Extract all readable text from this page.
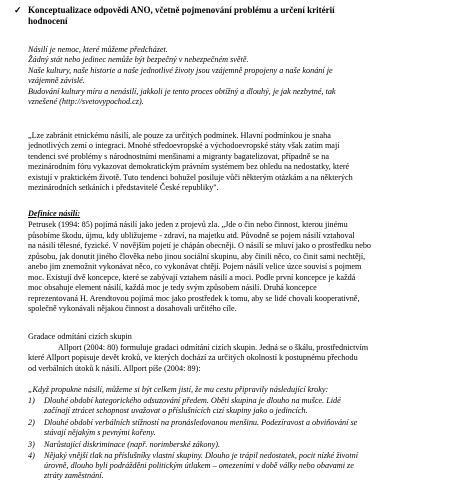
✓ Konceptualizace odpovědi ANO, včetně pojmenování problému a určení kritérií
hodnocení
Násilí je nemoc, které můžeme předcházet.
Žádný stát nebo jedinec nemůže být bezpečný v nebezpečném světě.
Naše kultury, naše historie a naše jednotlivé životy jsou vzájemně propojeny a naše konání je
vzájemně závislé.
Budování kultury míru a nenásilí, jakkoli je tento proces obtížný a dlouhý, je jak nezbytné, tak
vznešené (http://svetovypochod.cz).
„Lze zabránit etnickému násilí, ale pouze za určitých podmínek. Hlavní podmínkou je snaha
jednotlivých zemí o integraci. Mnohé středoevropské a východoevropské státy však zatím mají
tendenci své problémy s národnostními menšinami a migranty bagatelizovat, případně se na
mezinárodním fóru vykazovat demokratickým právním systémem bez ohledu na nedostatky, které
existují v praktickém životě. Tuto tendenci bohužel posiluje vůči některým otázkám a na některých
mezinárodních setkáních i představitelé České republiky".
Definice násilí:
Petrusek (1994: 85) pojímá násilí jako jeden z projevů zla. „Jde o čin nebo činnost, kterou jinému
působíme škodu, újmu, kdy ubližujeme - zdraví, na majetku atd. Původně se pojem násilí vztahoval
na násilí tělesné, fyzické. V novějším pojetí je chápán obecněji. O násilí se mluví jako o prostředku nebo
způsobu, jak donutit jiného člověka nebo jinou sociální skupinu, aby činili něco, co činit sami nechtějí,
anebo jim znemožnit vykonávat něco, co vykonávat chtějí. Pojem násilí velice úzce souvisí s pojmem
moc. Existují dvě koncepce, které se zabývají vztahem násilí a moci. Podle první koncepce je každá
moc obsahuje element násilí, každá moc je tedy svým způsobem násilí. Druhá koncepce
reprezentovaná H. Arendtovou pojímá moc jako prostředek k tomu, aby se lidé chovali kooperativně,
společně vykonávali nějakou činnost a dosahovali určitého cíle.
Gradace odmítání cizích skupin
Allport (2004: 80) formuluje gradaci odmítání cizích skupin. Jedná se o škálu, prostřednictvím
které Allport popisuje devět kroků, ve kterých dochází za určitých okolností k postupnému přechodu
od verbálních útoků k násilí. Allport píše (2004: 89):
„Když propukne násilí, můžeme si být celkem jistí, že mu cestu připravily následující kroky:
1) Dlouhé období kategorického odsuzování předem. Oběti skupina je dlouho na mušce. Lidé
začínají ztrácet schopnost uvažovat o příslušnících cizí skupiny jako o jedincích.
2) Dlouhé období verbálních stížností na pronásledovanou menšinu. Podezíravost a obviňování se
stávají nějakým s pevnými kořeny.
3) Narůstající diskriminace (např. norimberské zákony).
4) Nějaký vnější tlak na příslušníky vlastní skupiny. Dlouho je trápil nedostatek, pocit nízké životní
úrovně, dlouho byli podrážděni politickým útlakem – omezeními v době války nebo obavami ze
ztráty zaměstnání.
